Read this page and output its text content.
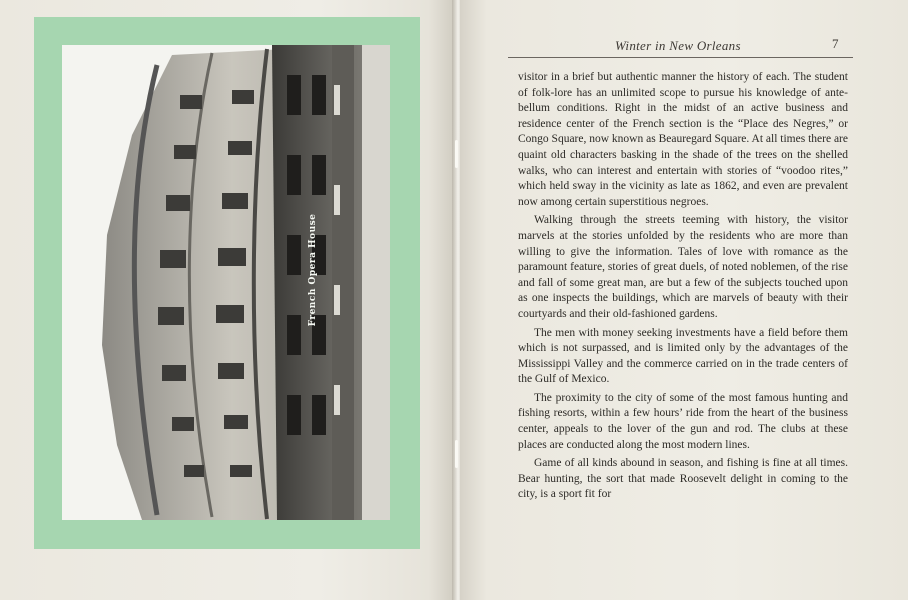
French Opera House
Winter in New Orleans	7

visitor in a brief but authentic manner the history of each. The student of folk-lore has an unlimited scope to pursue his knowledge of ante-bellum conditions. Right in the midst of an active business and residence center of the French section is the “Place des Negres,” or Congo Square, now known as Beauregard Square. At all times there are quaint old characters basking in the shade of the trees on the shelled walks, who can interest and entertain with stories of “voodoo rites,” which held sway in the vicinity as late as 1862, and even are prevalent now among certain superstitious negroes.

Walking through the streets teeming with history, the visitor marvels at the stories unfolded by the residents who are more than willing to give the information. Tales of love with romance as the paramount feature, stories of great duels, of noted noblemen, of the rise and fall of some great man, are but a few of the subjects touched upon as one inspects the buildings, which are marvels of beauty with their courtyards and their old-fashioned gardens.

The men with money seeking investments have a field before them which is not surpassed, and is limited only by the advantages of the Mississippi Valley and the commerce carried on in the trade centers of the Gulf of Mexico.

The proximity to the city of some of the most famous hunting and fishing resorts, within a few hours’ ride from the heart of the business center, appeals to the lover of the gun and rod. The clubs at these places are conducted along the most modern lines.

Game of all kinds abound in season, and fishing is fine at all times. Bear hunting, the sort that made Roosevelt delight in coming to the city, is a sport fit for
